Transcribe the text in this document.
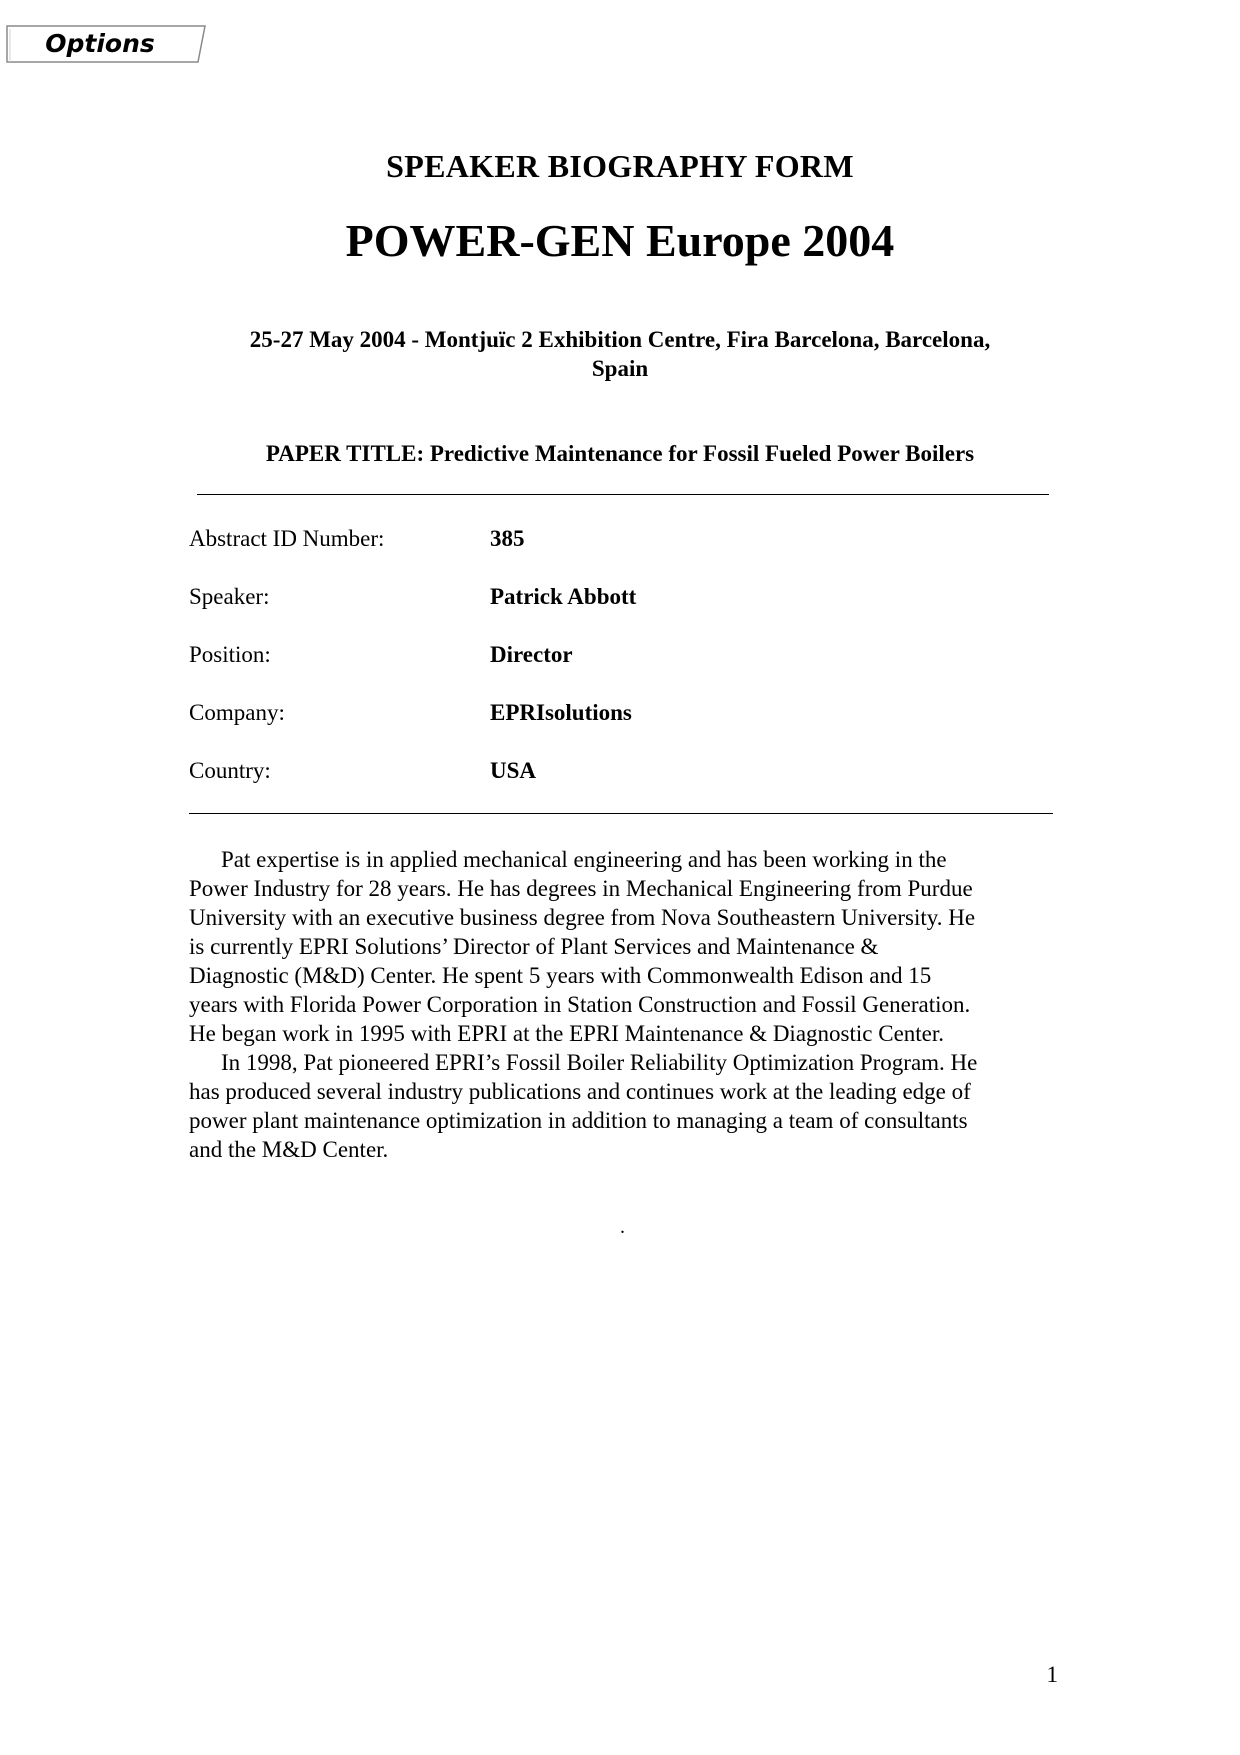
Options
SPEAKER BIOGRAPHY FORM
POWER-GEN Europe 2004
25-27 May 2004 - Montjuïc 2 Exhibition Centre, Fira Barcelona, Barcelona,
Spain
PAPER TITLE: Predictive Maintenance for Fossil Fueled Power Boilers
Abstract ID Number:	385
Speaker:	Patrick Abbott
Position:	Director
Company:	EPRIsolutions
Country:	USA

Pat expertise is in applied mechanical engineering and has been working in the
Power Industry for 28 years. He has degrees in Mechanical Engineering from Purdue
University with an executive business degree from Nova Southeastern University. He
is currently EPRI Solutions’ Director of Plant Services and Maintenance &
Diagnostic (M&D) Center. He spent 5 years with Commonwealth Edison and 15
years with Florida Power Corporation in Station Construction and Fossil Generation.
He began work in 1995 with EPRI at the EPRI Maintenance & Diagnostic Center.

In 1998, Pat pioneered EPRI’s Fossil Boiler Reliability Optimization Program. He
has produced several industry publications and continues work at the leading edge of
power plant maintenance optimization in addition to managing a team of consultants
and the M&D Center.

.
1
